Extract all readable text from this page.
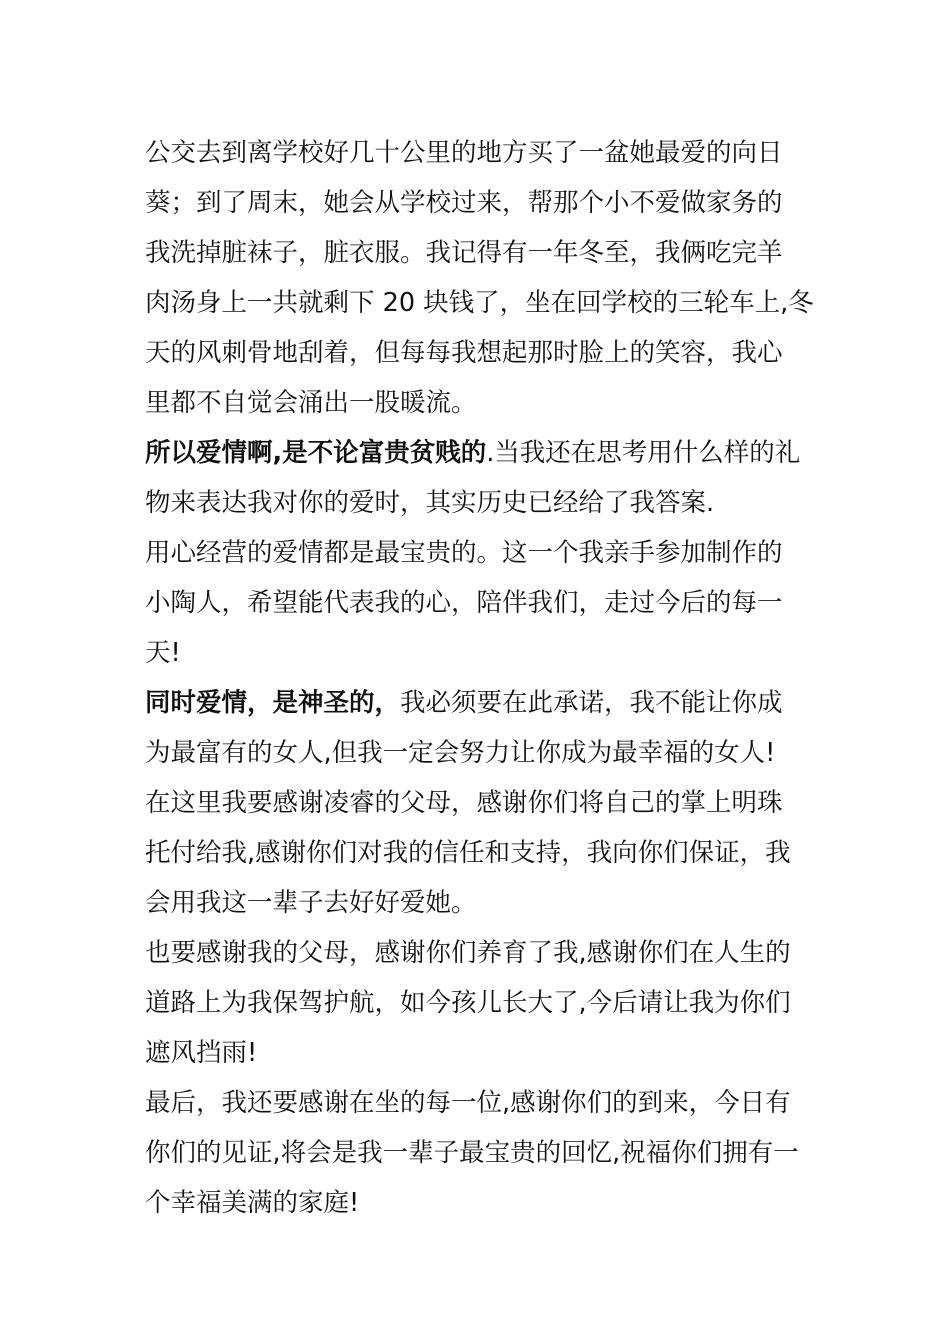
公交去到离学校好几十公里的地方买了一盆她最爱的向日
葵；到了周末，她会从学校过来，帮那个小不爱做家务的
我洗掉脏袜子，脏衣服。我记得有一年冬至，我俩吃完羊
肉汤身上一共就剩下 20 块钱了，坐在回学校的三轮车上,冬
天的风刺骨地刮着，但每每我想起那时脸上的笑容，我心
里都不自觉会涌出一股暖流。

所以爱情啊,是不论富贵贫贱的.当我还在思考用什么样的礼
物来表达我对你的爱时，其实历史已经给了我答案.

用心经营的爱情都是最宝贵的。这一个我亲手参加制作的
小陶人，希望能代表我的心，陪伴我们，走过今后的每一
天!

同时爱情，是神圣的，我必须要在此承诺，我不能让你成
为最富有的女人,但我一定会努力让你成为最幸福的女人!

在这里我要感谢凌睿的父母，感谢你们将自己的掌上明珠
托付给我,感谢你们对我的信任和支持，我向你们保证，我
会用我这一辈子去好好爱她。

也要感谢我的父母，感谢你们养育了我,感谢你们在人生的
道路上为我保驾护航，如今孩儿长大了,今后请让我为你们
遮风挡雨!

最后，我还要感谢在坐的每一位,感谢你们的到来，今日有
你们的见证,将会是我一辈子最宝贵的回忆,祝福你们拥有一
个幸福美满的家庭!
